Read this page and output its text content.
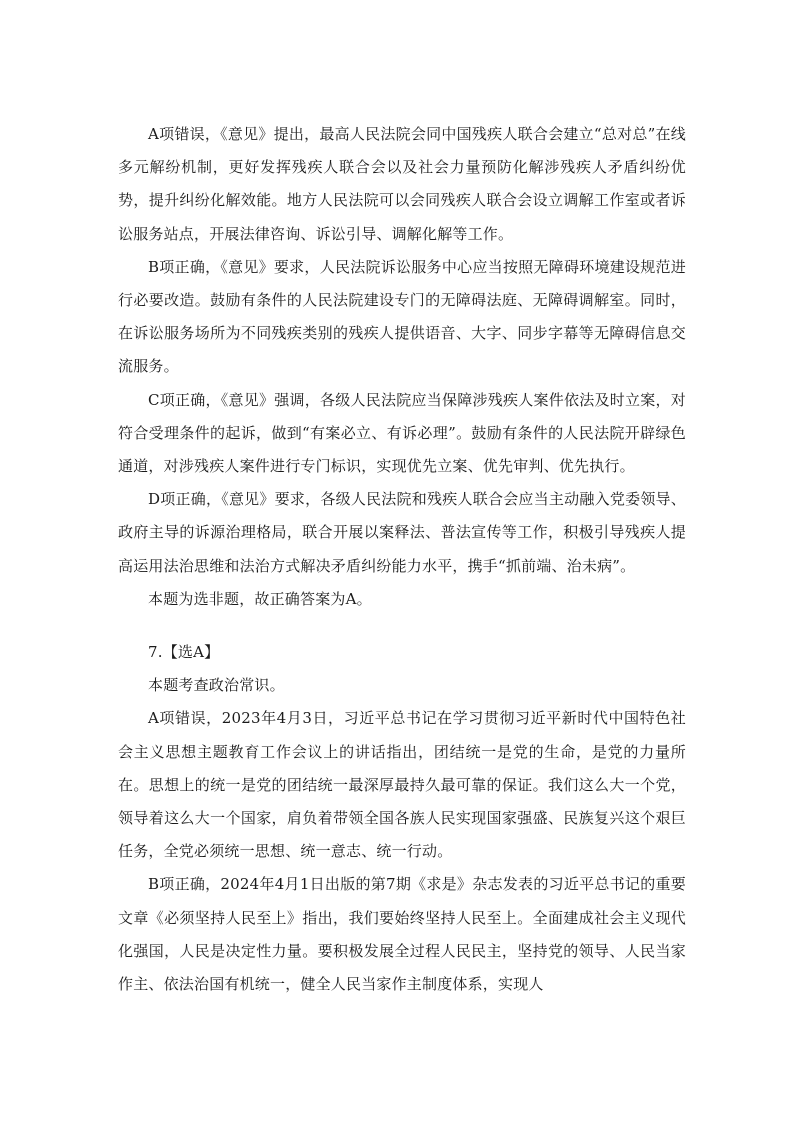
A项错误，《意见》提出，最高人民法院会同中国残疾人联合会建立“总对总”在线多元解纷机制，更好发挥残疾人联合会以及社会力量预防化解涉残疾人矛盾纠纷优势，提升纠纷化解效能。地方人民法院可以会同残疾人联合会设立调解工作室或者诉讼服务站点，开展法律咨询、诉讼引导、调解化解等工作。

B项正确，《意见》要求，人民法院诉讼服务中心应当按照无障碍环境建设规范进行必要改造。鼓励有条件的人民法院建设专门的无障碍法庭、无障碍调解室。同时，在诉讼服务场所为不同残疾类别的残疾人提供语音、大字、同步字幕等无障碍信息交流服务。

C项正确，《意见》强调，各级人民法院应当保障涉残疾人案件依法及时立案，对符合受理条件的起诉，做到“有案必立、有诉必理”。鼓励有条件的人民法院开辟绿色通道，对涉残疾人案件进行专门标识，实现优先立案、优先审判、优先执行。

D项正确，《意见》要求，各级人民法院和残疾人联合会应当主动融入党委领导、政府主导的诉源治理格局，联合开展以案释法、普法宣传等工作，积极引导残疾人提高运用法治思维和法治方式解决矛盾纠纷能力水平，携手“抓前端、治未病”。

本题为选非题，故正确答案为A。

7.【选A】

本题考查政治常识。

A项错误，2023年4月3日，习近平总书记在学习贯彻习近平新时代中国特色社会主义思想主题教育工作会议上的讲话指出，团结统一是党的生命，是党的力量所在。思想上的统一是党的团结统一最深厚最持久最可靠的保证。我们这么大一个党，领导着这么大一个国家，肩负着带领全国各族人民实现国家强盛、民族复兴这个艰巨任务，全党必须统一思想、统一意志、统一行动。

B项正确，2024年4月1日出版的第7期《求是》杂志发表的习近平总书记的重要文章《必须坚持人民至上》指出，我们要始终坚持人民至上。全面建成社会主义现代化强国，人民是决定性力量。要积极发展全过程人民民主，坚持党的领导、人民当家作主、依法治国有机统一，健全人民当家作主制度体系，实现人
